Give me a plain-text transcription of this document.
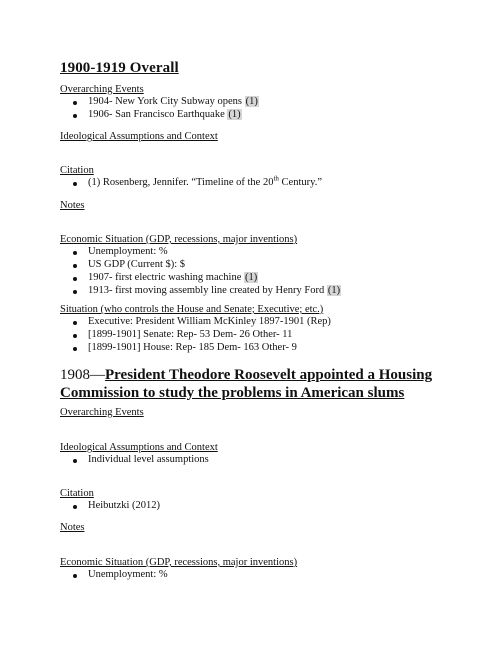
1900-1919 Overall
Overarching Events
1904- New York City Subway opens (1)
1906- San Francisco Earthquake (1)
Ideological Assumptions and Context
Citation
(1) Rosenberg, Jennifer. “Timeline of the 20th Century.”
Notes
Economic Situation (GDP, recessions, major inventions)
Unemployment: %
US GDP (Current $): $
1907- first electric washing machine (1)
1913- first moving assembly line created by Henry Ford (1)
Situation (who controls the House and Senate; Executive; etc.)
Executive: President William McKinley 1897-1901 (Rep)
[1899-1901] Senate: Rep- 53 Dem- 26 Other- 11
[1899-1901] House: Rep- 185 Dem- 163 Other- 9
1908—President Theodore Roosevelt appointed a Housing Commission to study the problems in American slums
Overarching Events
Ideological Assumptions and Context
Individual level assumptions
Citation
Heibutzki (2012)
Notes
Economic Situation (GDP, recessions, major inventions)
Unemployment: %
